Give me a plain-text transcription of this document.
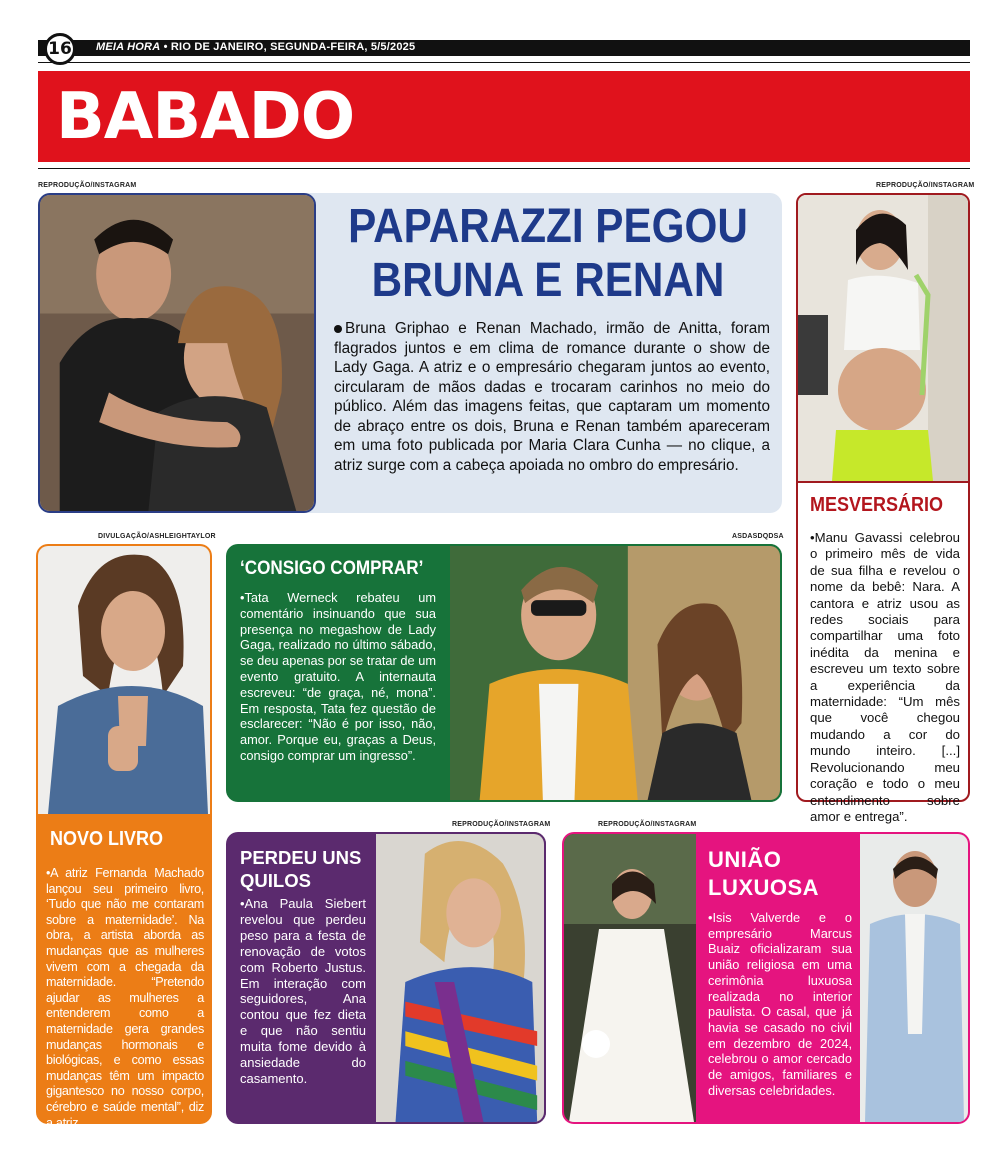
16	MEIA HORA • RIO DE JANEIRO, SEGUNDA-FEIRA, 5/5/2025
BABADO
REPRODUÇÃO/INSTAGRAM
PAPARAZZI PEGOU
BRUNA E RENAN
Bruna Griphao e Renan Machado, irmão de Anitta, foram flagrados juntos e em clima de romance durante o show de Lady Gaga. A atriz e o empresário chegaram juntos ao evento, circularam de mãos dadas e trocaram carinhos no meio do público. Além das imagens feitas, que captaram um momento de abraço entre os dois, Bruna e Renan também apareceram em uma foto publicada por Maria Clara Cunha — no clique, a atriz surge com a cabeça apoiada no ombro do empresário.
REPRODUÇÃO/INSTAGRAM
MESVERSÁRIO
•Manu Gavassi celebrou o primeiro mês de vida de sua filha e revelou o nome da bebê: Nara. A cantora e atriz usou as redes sociais para compartilhar uma foto inédita da menina e escreveu um texto sobre a experiência da maternidade: “Um mês que você chegou mudando a cor do mundo inteiro. [...] Revolucionando meu coração e todo o meu entendimento sobre amor e entrega”.
ASDASDQDSA
‘CONSIGO COMPRAR’
•Tata Werneck rebateu um comentário insinuando que sua presença no megashow de Lady Gaga, realizado no último sábado, se deu apenas por se tratar de um evento gratuito. A internauta escreveu: “de graça, né, mona”. Em resposta, Tata fez questão de esclarecer: “Não é por isso, não, amor. Porque eu, graças a Deus, consigo comprar um ingresso”.
DIVULGAÇÃO/ASHLEIGHTAYLOR
NOVO LIVRO
•A atriz Fernanda Machado lançou seu primeiro livro, ‘Tudo que não me contaram sobre a maternidade’. Na obra, a artista aborda as mudanças que as mulheres vivem com a chegada da maternidade. “Pretendo ajudar as mulheres a entenderem como a maternidade gera grandes mudanças hormonais e biológicas, e como essas mudanças têm um impacto gigantesco no nosso corpo, cérebro e saúde mental”, diz a atriz.
REPRODUÇÃO/INSTAGRAM
PERDEU UNS QUILOS
•Ana Paula Siebert revelou que perdeu peso para a festa de renovação de votos com Roberto Justus. Em interação com seguidores, Ana contou que fez dieta e que não sentiu muita fome devido à ansiedade do casamento.
REPRODUÇÃO/INSTAGRAM
UNIÃO LUXUOSA
•Isis Valverde e o empresário Marcus Buaiz oficializaram sua união religiosa em uma cerimônia luxuosa realizada no interior paulista. O casal, que já havia se casado no civil em dezembro de 2024, celebrou o amor cercado de amigos, familiares e diversas celebridades.
